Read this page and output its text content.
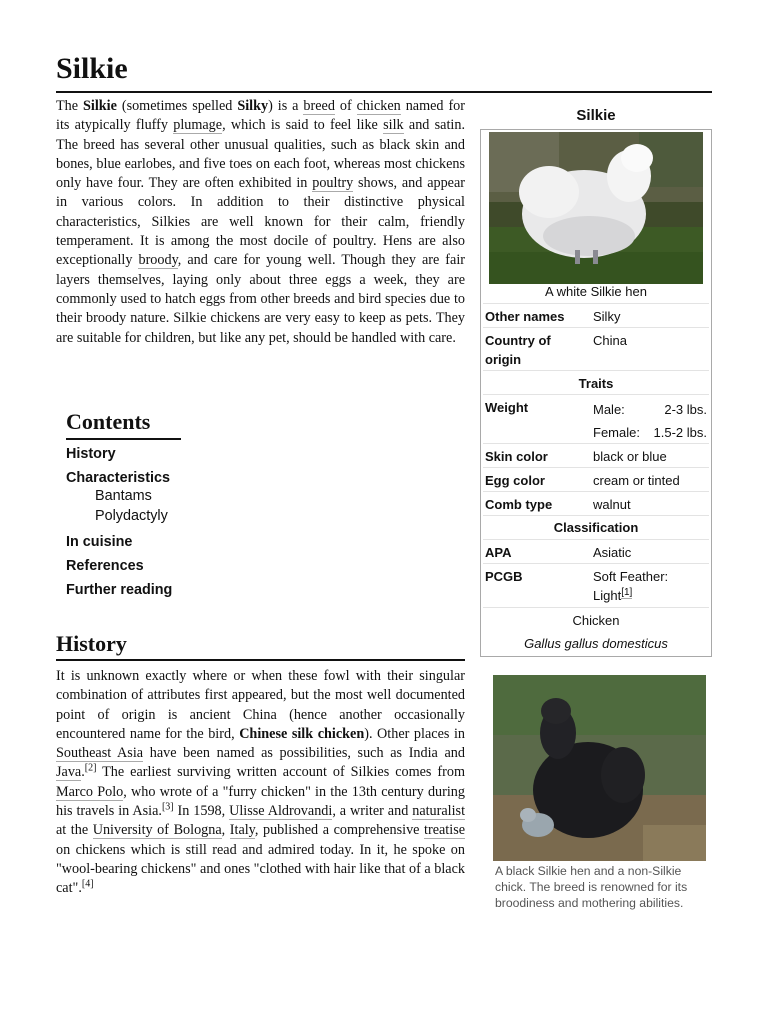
Silkie

The Silkie (sometimes spelled Silky) is a breed of chicken named for its atypically fluffy plumage, which is said to feel like silk and satin. The breed has several other unusual qualities, such as black skin and bones, blue earlobes, and five toes on each foot, whereas most chickens only have four. They are often exhibited in poultry shows, and appear in various colors. In addition to their distinctive physical characteristics, Silkies are well known for their calm, friendly temperament. It is among the most docile of poultry. Hens are also exceptionally broody, and care for young well. Though they are fair layers themselves, laying only about three eggs a week, they are commonly used to hatch eggs from other breeds and bird species due to their broody nature. Silkie chickens are very easy to keep as pets. They are suitable for children, but like any pet, should be handled with care.

Contents
History
Characteristics
Bantams
Polydactyly
In cuisine
References
Further reading
History

It is unknown exactly where or when these fowl with their singular combination of attributes first appeared, but the most well documented point of origin is ancient China (hence another occasionally encountered name for the bird, Chinese silk chicken). Other places in Southeast Asia have been named as possibilities, such as India and Java.[2] The earliest surviving written account of Silkies comes from Marco Polo, who wrote of a "furry chicken" in the 13th century during his travels in Asia.[3] In 1598, Ulisse Aldrovandi, a writer and naturalist at the University of Bologna, Italy, published a comprehensive treatise on chickens which is still read and admired today. In it, he spoke on "wool-bearing chickens" and ones "clothed with hair like that of a black cat".[4]

Silkie
A white Silkie hen
Other names Silky
Country of
origin
China
Traits
Weight	Male:	2-3 lbs.
Female: 1.5-2 lbs.
Skin color	black or blue
Egg color	cream or tinted
Comb type	walnut
Classification
APA	Asiatic
PCGB	Soft Feather:
Light[1]
Chicken
Gallus gallus domesticus

A black Silkie hen and a non-Silkie chick. The breed is renowned for its broodiness and mothering abilities.
